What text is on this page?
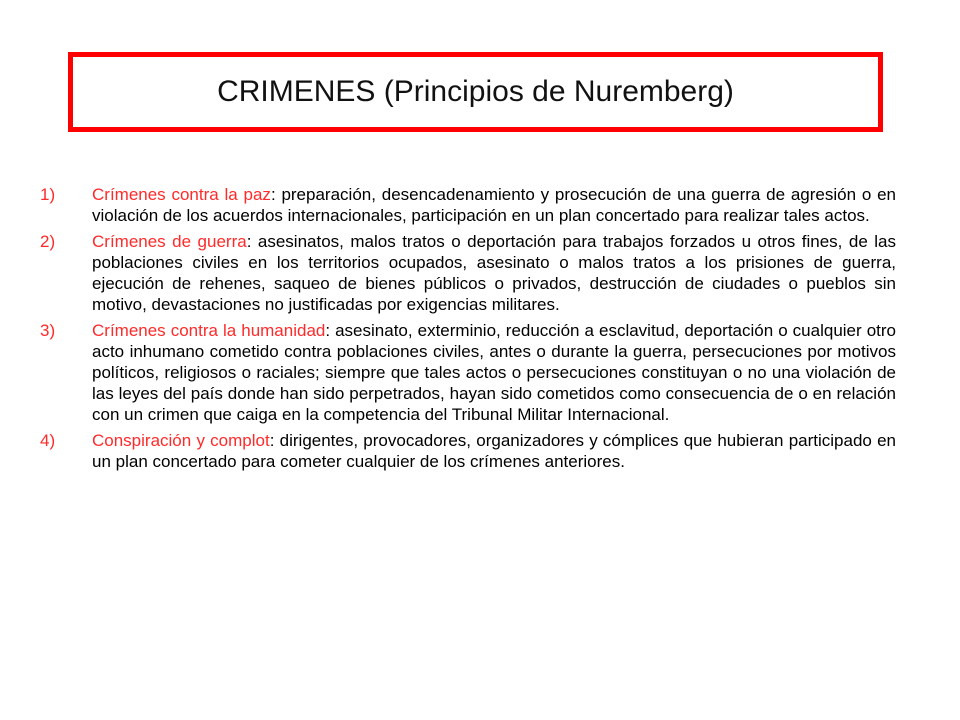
CRIMENES (Principios de Nuremberg)
1)	Crímenes contra la paz: preparación, desencadenamiento y prosecución de una guerra de agresión o en violación de los acuerdos internacionales, participación en un plan concertado para realizar tales actos.
2)	Crímenes de guerra: asesinatos, malos tratos o deportación para trabajos forzados u otros fines, de las poblaciones civiles en los territorios ocupados, asesinato o malos tratos a los prisiones de guerra, ejecución de rehenes, saqueo de bienes públicos o privados, destrucción de ciudades o pueblos sin motivo, devastaciones no justificadas por exigencias militares.
3)	Crímenes contra la humanidad: asesinato, exterminio, reducción a esclavitud, deportación o cualquier otro acto inhumano cometido contra poblaciones civiles, antes o durante la guerra, persecuciones por motivos políticos, religiosos o raciales; siempre que tales actos o persecuciones constituyan o no una violación de las leyes del país donde han sido perpetrados, hayan sido cometidos como consecuencia de o en relación con un crimen que caiga en la competencia del Tribunal Militar Internacional.
4)	Conspiración y complot: dirigentes, provocadores, organizadores y cómplices que hubieran participado en un plan concertado para cometer cualquier de los crímenes anteriores.
